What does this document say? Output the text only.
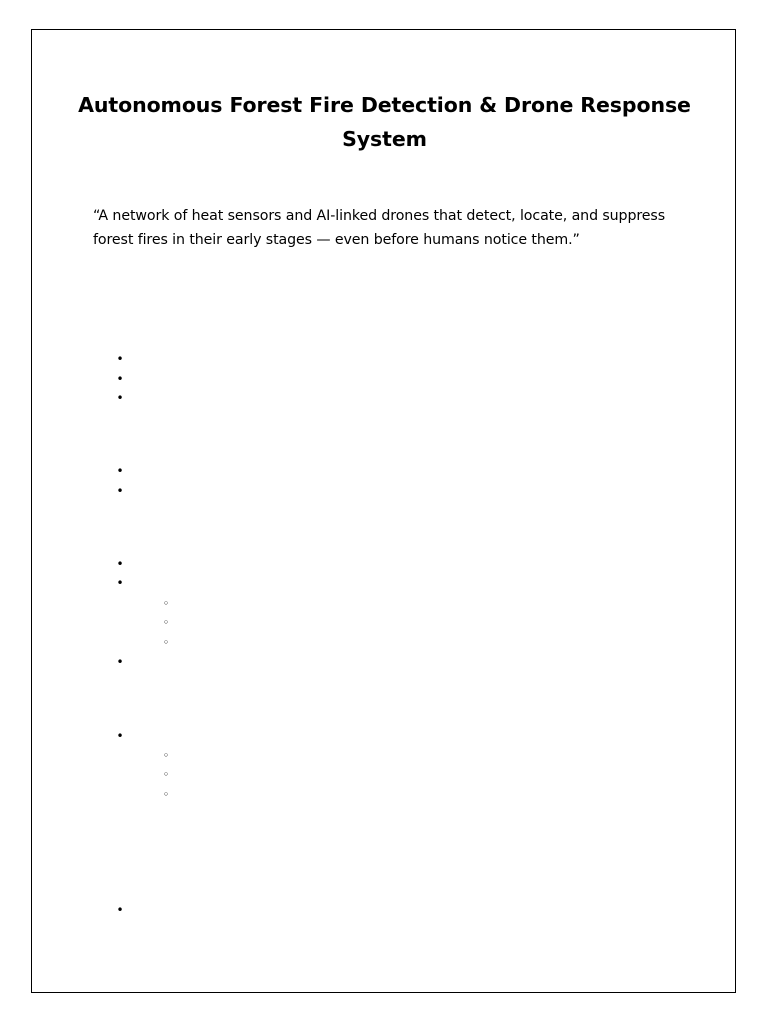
Autonomous Forest Fire Detection & Drone Response System

“A network of heat sensors and AI-linked drones that detect, locate, and suppress forest fires in their early stages — even before humans notice them.”

•
•
•
•
•
•
•
◦
◦
◦
•
•
◦
◦
◦
•
